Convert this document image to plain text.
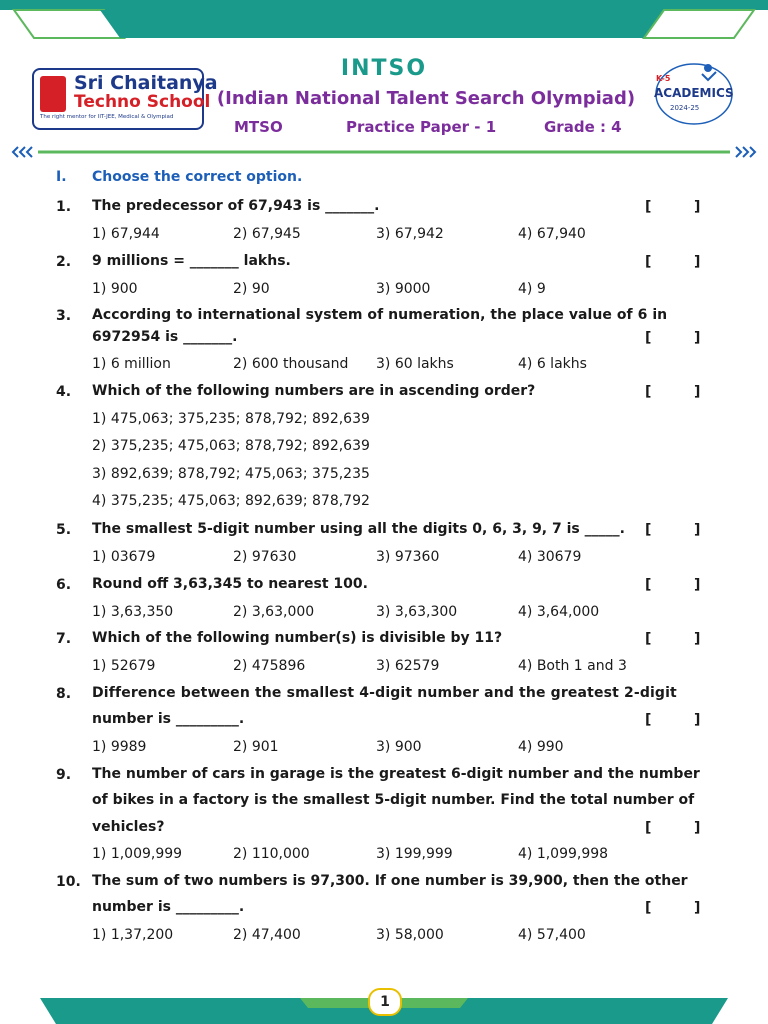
Sri Chaitanya
Techno School
The right mentor for IIT-JEE, Medical & Olympiad
INTSO
(Indian National Talent Search Olympiad)
MTSO	Practice Paper - 1	Grade : 4
K-5
ACADEMICS
2024-25
I. Choose the correct option.
1. The predecessor of 67,943 is _______.	[	]
1) 67,944	2) 67,945	3) 67,942	4) 67,940
2. 9 millions = _______ lakhs.	[	]
1) 900	2) 90	3) 9000	4) 9
3. According to international system of numeration, the place value of 6 in
6972954 is _______.	[	]
1) 6 million	2) 600 thousand 3) 60 lakhs	4) 6 lakhs
4. Which of the following numbers are in ascending order?	[	]
1) 475,063; 375,235; 878,792; 892,639
2) 375,235; 475,063; 878,792; 892,639
3) 892,639; 878,792; 475,063; 375,235
4) 375,235; 475,063; 892,639; 878,792
5. The smallest 5-digit number using all the digits 0, 6, 3, 9, 7 is _____.	[	]
1) 03679	2) 97630	3) 97360	4) 30679
6. Round off 3,63,345 to nearest 100.	[	]
1) 3,63,350	2) 3,63,000	3) 3,63,300	4) 3,64,000
7. Which of the following number(s) is divisible by 11?	[	]
1) 52679	2) 475896	3) 62579	4) Both 1 and 3
8. Difference between the smallest 4-digit number and the greatest 2-digit
number is _________.	[	]
1) 9989	2) 901	3) 900	4) 990
9. The number of cars in garage is the greatest 6-digit number and the number
of bikes in a factory is the smallest 5-digit number. Find the total number of
vehicles?	[	]
1) 1,009,999	2) 110,000	3) 199,999	4) 1,099,998
10. The sum of two numbers is 97,300. If one number is 39,900, then the other
number is _________.	[	]
1) 1,37,200	2) 47,400	3) 58,000	4) 57,400
1
